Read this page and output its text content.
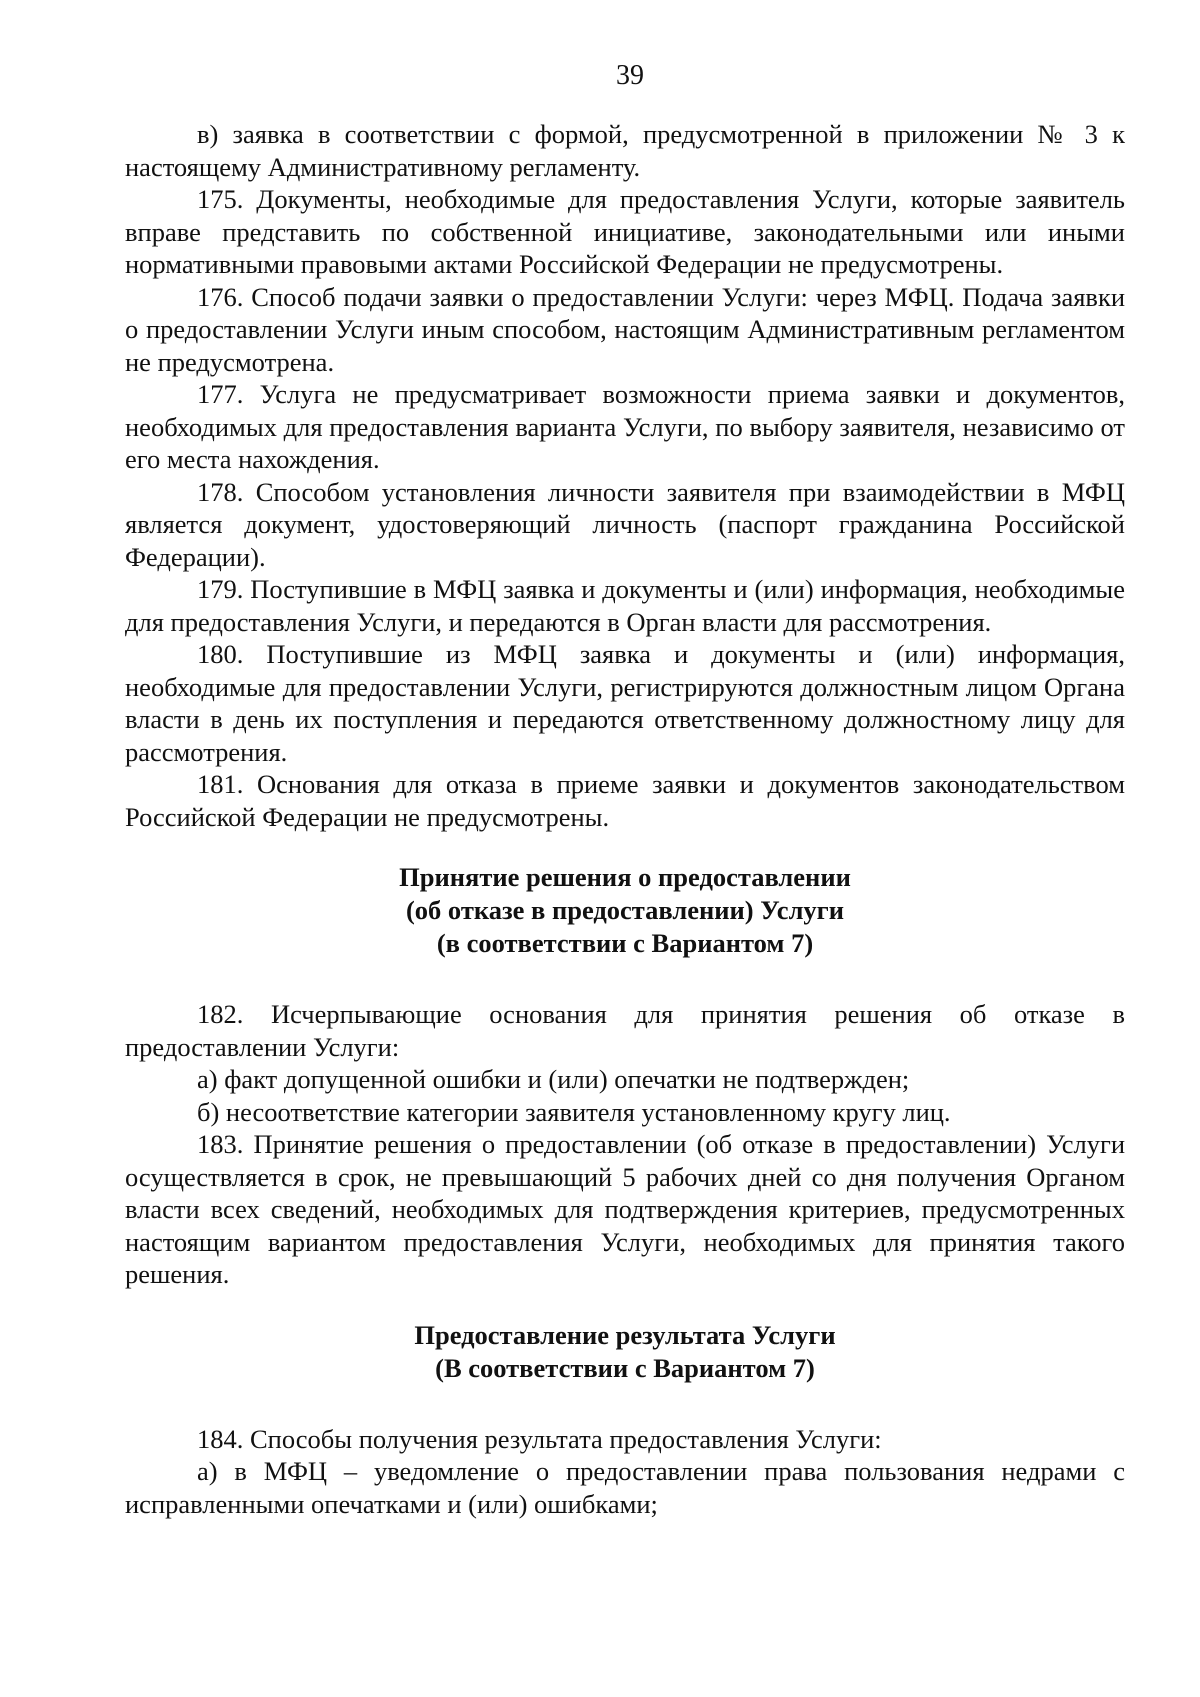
39

в) заявка в соответствии с формой, предусмотренной в приложении № 3 к настоящему Административному регламенту.

175. Документы, необходимые для предоставления Услуги, которые заявитель вправе представить по собственной инициативе, законодательными или иными нормативными правовыми актами Российской Федерации не предусмотрены.

176. Способ подачи заявки о предоставлении Услуги: через МФЦ. Подача заявки о предоставлении Услуги иным способом, настоящим Административным регламентом не предусмотрена.

177. Услуга не предусматривает возможности приема заявки и документов, необходимых для предоставления варианта Услуги, по выбору заявителя, независимо от его места нахождения.

178. Способом установления личности заявителя при взаимодействии в МФЦ является документ, удостоверяющий личность (паспорт гражданина Российской Федерации).

179. Поступившие в МФЦ заявка и документы и (или) информация, необходимые для предоставления Услуги, и передаются в Орган власти для рассмотрения.

180. Поступившие из МФЦ заявка и документы и (или) информация, необходимые для предоставлении Услуги, регистрируются должностным лицом Органа власти в день их поступления и передаются ответственному должностному лицу для рассмотрения.

181. Основания для отказа в приеме заявки и документов законодательством Российской Федерации не предусмотрены.

Принятие решения о предоставлении
(об отказе в предоставлении) Услуги
(в соответствии с Вариантом 7)

182. Исчерпывающие основания для принятия решения об отказе в предоставлении Услуги:

а) факт допущенной ошибки и (или) опечатки не подтвержден;

б) несоответствие категории заявителя установленному кругу лиц.

183. Принятие решения о предоставлении (об отказе в предоставлении) Услуги осуществляется в срок, не превышающий 5 рабочих дней со дня получения Органом власти всех сведений, необходимых для подтверждения критериев, предусмотренных настоящим вариантом предоставления Услуги, необходимых для принятия такого решения.

Предоставление результата Услуги
(В соответствии с Вариантом 7)

184. Способы получения результата предоставления Услуги:

а) в МФЦ – уведомление о предоставлении права пользования недрами с исправленными опечатками и (или) ошибками;
